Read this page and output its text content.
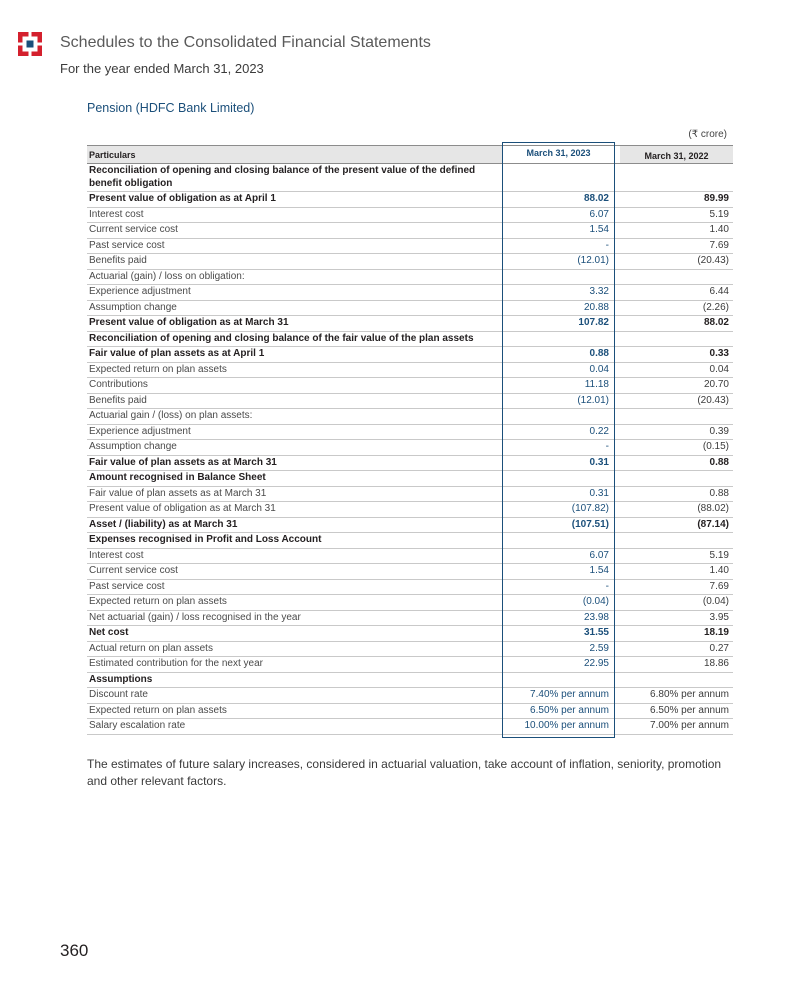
Schedules to the Consolidated Financial Statements
For the year ended March 31, 2023
Pension (HDFC Bank Limited)
(₹ crore)
Particulars	March 31, 2023	March 31, 2022
Reconciliation of opening and closing balance of the present value of the defined benefit obligation
Present value of obligation as at April 1	88.02	89.99
Interest cost	6.07	5.19
Current service cost	1.54	1.40
Past service cost	-	7.69
Benefits paid	(12.01)	(20.43)
Actuarial (gain) / loss on obligation:
Experience adjustment	3.32	6.44
Assumption change	20.88	(2.26)
Present value of obligation as at March 31	107.82	88.02
Reconciliation of opening and closing balance of the fair value of the plan assets
Fair value of plan assets as at April 1	0.88	0.33
Expected return on plan assets	0.04	0.04
Contributions	11.18	20.70
Benefits paid	(12.01)	(20.43)
Actuarial gain / (loss) on plan assets:
Experience adjustment	0.22	0.39
Assumption change	-	(0.15)
Fair value of plan assets as at March 31	0.31	0.88
Amount recognised in Balance Sheet
Fair value of plan assets as at March 31	0.31	0.88
Present value of obligation as at March 31	(107.82)	(88.02)
Asset / (liability) as at March 31	(107.51)	(87.14)
Expenses recognised in Profit and Loss Account
Interest cost	6.07	5.19
Current service cost	1.54	1.40
Past service cost	-	7.69
Expected return on plan assets	(0.04)	(0.04)
Net actuarial (gain) / loss recognised in the year	23.98	3.95
Net cost	31.55	18.19
Actual return on plan assets	2.59	0.27
Estimated contribution for the next year	22.95	18.86
Assumptions
Discount rate	7.40% per annum	6.80% per annum
Expected return on plan assets	6.50% per annum	6.50% per annum
Salary escalation rate	10.00% per annum	7.00% per annum
The estimates of future salary increases, considered in actuarial valuation, take account of inflation, seniority, promotion and other relevant factors.
360
